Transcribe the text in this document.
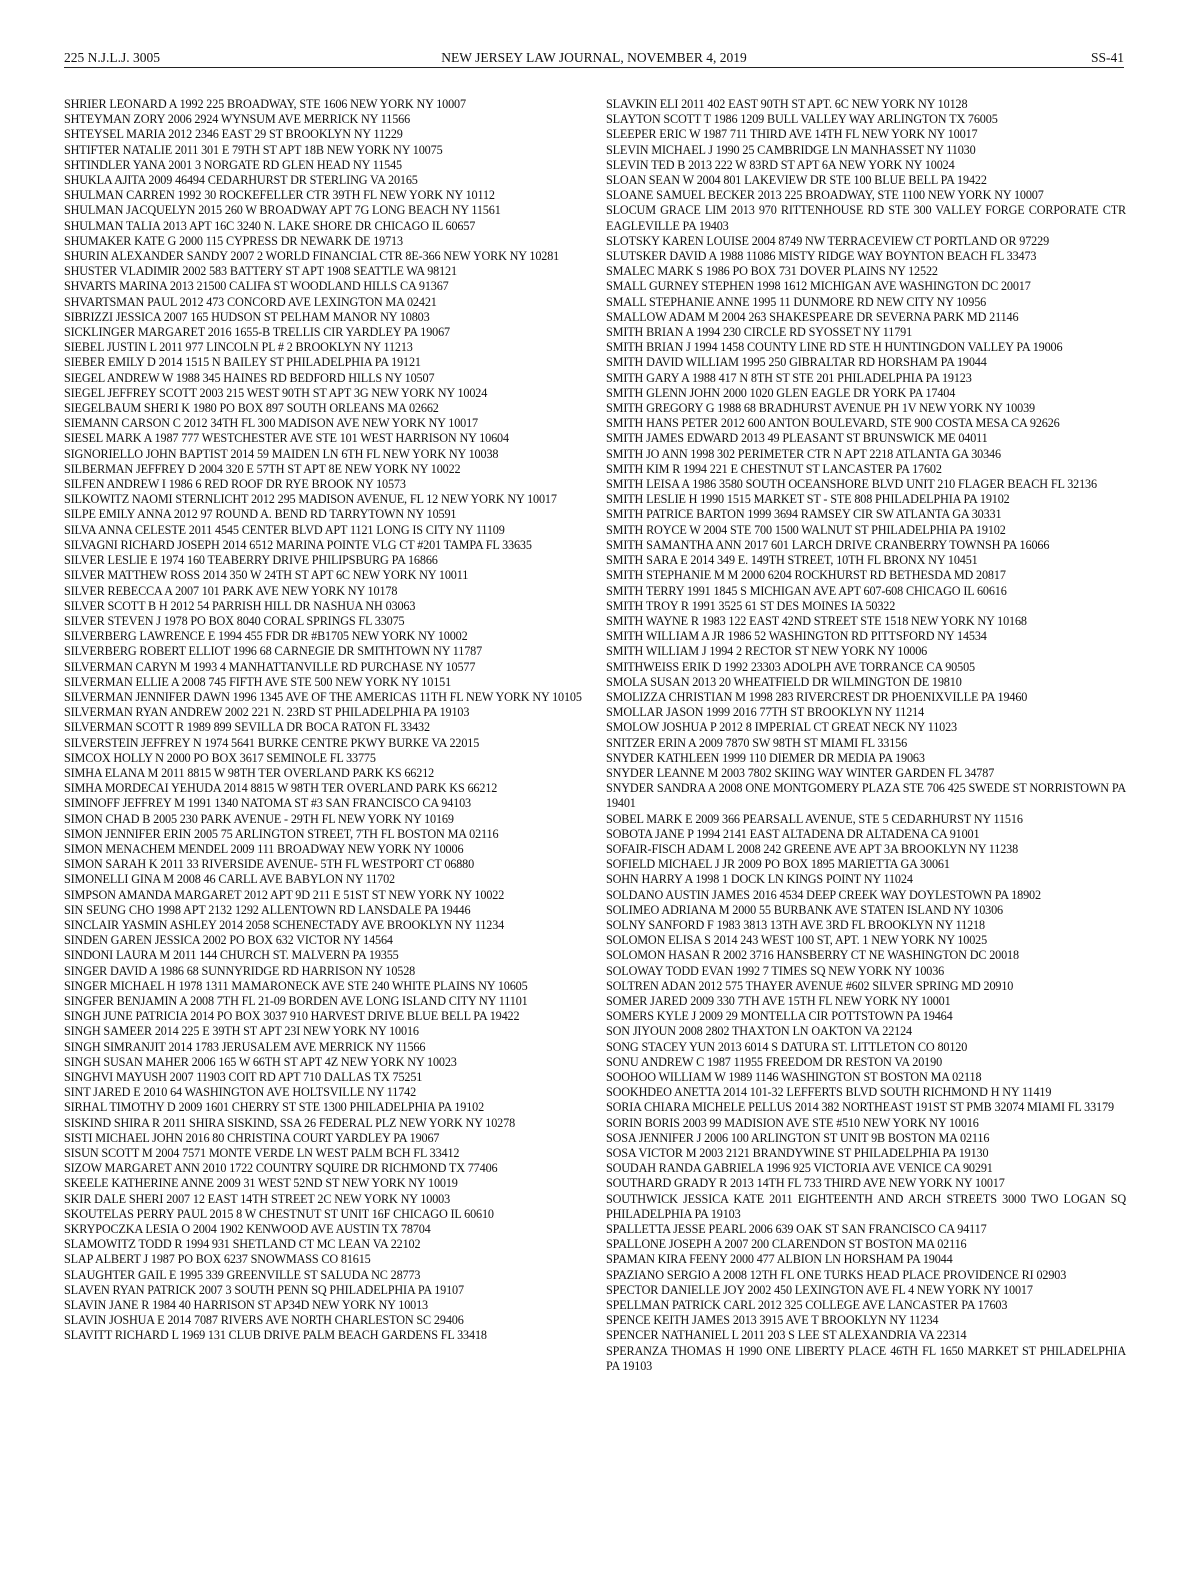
225 N.J.L.J. 3005	NEW JERSEY LAW JOURNAL, NOVEMBER 4, 2019	SS-41

SHRIER LEONARD A 1992 225 BROADWAY, STE 1606 NEW YORK NY 10007

SHTEYMAN ZORY 2006 2924 WYNSUM AVE MERRICK NY 11566

SHTEYSEL MARIA 2012 2346 EAST 29 ST BROOKLYN NY 11229

SHTIFTER NATALIE 2011 301 E 79TH ST APT 18B NEW YORK NY 10075

SHTINDLER YANA 2001 3 NORGATE RD GLEN HEAD NY 11545

SHUKLA AJITA 2009 46494 CEDARHURST DR STERLING VA 20165

SHULMAN CARREN 1992 30 ROCKEFELLER CTR 39TH FL NEW YORK NY 10112

SHULMAN JACQUELYN 2015 260 W BROADWAY APT 7G LONG BEACH NY 11561

SHULMAN TALIA 2013 APT 16C 3240 N. LAKE SHORE DR CHICAGO IL 60657

SHUMAKER KATE G 2000 115 CYPRESS DR NEWARK DE 19713

SHURIN ALEXANDER SANDY 2007 2 WORLD FINANCIAL CTR 8E-366 NEW YORK NY 10281

SHUSTER VLADIMIR 2002 583 BATTERY ST APT 1908 SEATTLE WA 98121

SHVARTS MARINA 2013 21500 CALIFA ST WOODLAND HILLS CA 91367

SHVARTSMAN PAUL 2012 473 CONCORD AVE LEXINGTON MA 02421

SIBRIZZI JESSICA 2007 165 HUDSON ST PELHAM MANOR NY 10803

SICKLINGER MARGARET 2016 1655-B TRELLIS CIR YARDLEY PA 19067

SIEBEL JUSTIN L 2011 977 LINCOLN PL # 2 BROOKLYN NY 11213

SIEBER EMILY D 2014 1515 N BAILEY ST PHILADELPHIA PA 19121

SIEGEL ANDREW W 1988 345 HAINES RD BEDFORD HILLS NY 10507

SIEGEL JEFFREY SCOTT 2003 215 WEST 90TH ST APT 3G NEW YORK NY 10024

SIEGELBAUM SHERI K 1980 PO BOX 897 SOUTH ORLEANS MA 02662

SIEMANN CARSON C 2012 34TH FL 300 MADISON AVE NEW YORK NY 10017

SIESEL MARK A 1987 777 WESTCHESTER AVE STE 101 WEST HARRISON NY 10604

SIGNORIELLO JOHN BAPTIST 2014 59 MAIDEN LN 6TH FL NEW YORK NY 10038

SILBERMAN JEFFREY D 2004 320 E 57TH ST APT 8E NEW YORK NY 10022

SILFEN ANDREW I 1986 6 RED ROOF DR RYE BROOK NY 10573

SILKOWITZ NAOMI STERNLICHT 2012 295 MADISON AVENUE, FL 12 NEW YORK NY 10017

SILPE EMILY ANNA 2012 97 ROUND A. BEND RD TARRYTOWN NY 10591

SILVA ANNA CELESTE 2011 4545 CENTER BLVD APT 1121 LONG IS CITY NY 11109

SILVAGNI RICHARD JOSEPH 2014 6512 MARINA POINTE VLG CT #201 TAMPA FL 33635

SILVER LESLIE E 1974 160 TEABERRY DRIVE PHILIPSBURG PA 16866

SILVER MATTHEW ROSS 2014 350 W 24TH ST APT 6C NEW YORK NY 10011

SILVER REBECCA A 2007 101 PARK AVE NEW YORK NY 10178

SILVER SCOTT B H 2012 54 PARRISH HILL DR NASHUA NH 03063

SILVER STEVEN J 1978 PO BOX 8040 CORAL SPRINGS FL 33075

SILVERBERG LAWRENCE E 1994 455 FDR DR #B1705 NEW YORK NY 10002

SILVERBERG ROBERT ELLIOT 1996 68 CARNEGIE DR SMITHTOWN NY 11787

SILVERMAN CARYN M 1993 4 MANHATTANVILLE RD PURCHASE NY 10577

SILVERMAN ELLIE A 2008 745 FIFTH AVE STE 500 NEW YORK NY 10151

SILVERMAN JENNIFER DAWN 1996 1345 AVE OF THE AMERICAS 11TH FL NEW YORK NY 10105

SILVERMAN RYAN ANDREW 2002 221 N. 23RD ST PHILADELPHIA PA 19103

SILVERMAN SCOTT R 1989 899 SEVILLA DR BOCA RATON FL 33432

SILVERSTEIN JEFFREY N 1974 5641 BURKE CENTRE PKWY BURKE VA 22015

SIMCOX HOLLY N 2000 PO BOX 3617 SEMINOLE FL 33775

SIMHA ELANA M 2011 8815 W 98TH TER OVERLAND PARK KS 66212

SIMHA MORDECAI YEHUDA 2014 8815 W 98TH TER OVERLAND PARK KS 66212

SIMINOFF JEFFREY M 1991 1340 NATOMA ST #3 SAN FRANCISCO CA 94103

SIMON CHAD B 2005 230 PARK AVENUE - 29TH FL NEW YORK NY 10169

SIMON JENNIFER ERIN 2005 75 ARLINGTON STREET, 7TH FL BOSTON MA 02116

SIMON MENACHEM MENDEL 2009 111 BROADWAY NEW YORK NY 10006

SIMON SARAH K 2011 33 RIVERSIDE AVENUE- 5TH FL WESTPORT CT 06880

SIMONELLI GINA M 2008 46 CARLL AVE BABYLON NY 11702

SIMPSON AMANDA MARGARET 2012 APT 9D 211 E 51ST ST NEW YORK NY 10022

SIN SEUNG CHO 1998 APT 2132 1292 ALLENTOWN RD LANSDALE PA 19446

SINCLAIR YASMIN ASHLEY 2014 2058 SCHENECTADY AVE BROOKLYN NY 11234

SINDEN GAREN JESSICA 2002 PO BOX 632 VICTOR NY 14564

SINDONI LAURA M 2011 144 CHURCH ST. MALVERN PA 19355

SINGER DAVID A 1986 68 SUNNYRIDGE RD HARRISON NY 10528

SINGER MICHAEL H 1978 1311 MAMARONECK AVE STE 240 WHITE PLAINS NY 10605

SINGFER BENJAMIN A 2008 7TH FL 21-09 BORDEN AVE LONG ISLAND CITY NY 11101

SINGH JUNE PATRICIA 2014 PO BOX 3037 910 HARVEST DRIVE BLUE BELL PA 19422

SINGH SAMEER 2014 225 E 39TH ST APT 23I NEW YORK NY 10016

SINGH SIMRANJIT 2014 1783 JERUSALEM AVE MERRICK NY 11566

SINGH SUSAN MAHER 2006 165 W 66TH ST APT 4Z NEW YORK NY 10023

SINGHVI MAYUSH 2007 11903 COIT RD APT 710 DALLAS TX 75251

SINT JARED E 2010 64 WASHINGTON AVE HOLTSVILLE NY 11742

SIRHAL TIMOTHY D 2009 1601 CHERRY ST STE 1300 PHILADELPHIA PA 19102

SISKIND SHIRA R 2011 SHIRA SISKIND, SSA 26 FEDERAL PLZ NEW YORK NY 10278

SISTI MICHAEL JOHN 2016 80 CHRISTINA COURT YARDLEY PA 19067

SISUN SCOTT M 2004 7571 MONTE VERDE LN WEST PALM BCH FL 33412

SIZOW MARGARET ANN 2010 1722 COUNTRY SQUIRE DR RICHMOND TX 77406

SKEELE KATHERINE ANNE 2009 31 WEST 52ND ST NEW YORK NY 10019

SKIR DALE SHERI 2007 12 EAST 14TH STREET 2C NEW YORK NY 10003

SKOUTELAS PERRY PAUL 2015 8 W CHESTNUT ST UNIT 16F CHICAGO IL 60610

SKRYPOCZKA LESIA O 2004 1902 KENWOOD AVE AUSTIN TX 78704

SLAMOWITZ TODD R 1994 931 SHETLAND CT MC LEAN VA 22102

SLAP ALBERT J 1987 PO BOX 6237 SNOWMASS CO 81615

SLAUGHTER GAIL E 1995 339 GREENVILLE ST SALUDA NC 28773

SLAVEN RYAN PATRICK 2007 3 SOUTH PENN SQ PHILADELPHIA PA 19107

SLAVIN JANE R 1984 40 HARRISON ST AP34D NEW YORK NY 10013

SLAVIN JOSHUA E 2014 7087 RIVERS AVE NORTH CHARLESTON SC 29406

SLAVITT RICHARD L 1969 131 CLUB DRIVE PALM BEACH GARDENS FL 33418

SLAVKIN ELI 2011 402 EAST 90TH ST APT. 6C NEW YORK NY 10128

SLAYTON SCOTT T 1986 1209 BULL VALLEY WAY ARLINGTON TX 76005

SLEEPER ERIC W 1987 711 THIRD AVE 14TH FL NEW YORK NY 10017

SLEVIN MICHAEL J 1990 25 CAMBRIDGE LN MANHASSET NY 11030

SLEVIN TED B 2013 222 W 83RD ST APT 6A NEW YORK NY 10024

SLOAN SEAN W 2004 801 LAKEVIEW DR STE 100 BLUE BELL PA 19422

SLOANE SAMUEL BECKER 2013 225 BROADWAY, STE 1100 NEW YORK NY 10007

SLOCUM GRACE LIM 2013 970 RITTENHOUSE RD STE 300 VALLEY FORGE CORPORATE CTR EAGLEVILLE PA 19403

SLOTSKY KAREN LOUISE 2004 8749 NW TERRACEVIEW CT PORTLAND OR 97229

SLUTSKER DAVID A 1988 11086 MISTY RIDGE WAY BOYNTON BEACH FL 33473

SMALEC MARK S 1986 PO BOX 731 DOVER PLAINS NY 12522

SMALL GURNEY STEPHEN 1998 1612 MICHIGAN AVE WASHINGTON DC 20017

SMALL STEPHANIE ANNE 1995 11 DUNMORE RD NEW CITY NY 10956

SMALLOW ADAM M 2004 263 SHAKESPEARE DR SEVERNA PARK MD 21146

SMITH BRIAN A 1994 230 CIRCLE RD SYOSSET NY 11791

SMITH BRIAN J 1994 1458 COUNTY LINE RD STE H HUNTINGDON VALLEY PA 19006

SMITH DAVID WILLIAM 1995 250 GIBRALTAR RD HORSHAM PA 19044

SMITH GARY A 1988 417 N 8TH ST STE 201 PHILADELPHIA PA 19123

SMITH GLENN JOHN 2000 1020 GLEN EAGLE DR YORK PA 17404

SMITH GREGORY G 1988 68 BRADHURST AVENUE PH 1V NEW YORK NY 10039

SMITH HANS PETER 2012 600 ANTON BOULEVARD, STE 900 COSTA MESA CA 92626

SMITH JAMES EDWARD 2013 49 PLEASANT ST BRUNSWICK ME 04011

SMITH JO ANN 1998 302 PERIMETER CTR N APT 2218 ATLANTA GA 30346

SMITH KIM R 1994 221 E CHESTNUT ST LANCASTER PA 17602

SMITH LEISA A 1986 3580 SOUTH OCEANSHORE BLVD UNIT 210 FLAGER BEACH FL 32136

SMITH LESLIE H 1990 1515 MARKET ST - STE 808 PHILADELPHIA PA 19102

SMITH PATRICE BARTON 1999 3694 RAMSEY CIR SW ATLANTA GA 30331

SMITH ROYCE W 2004 STE 700 1500 WALNUT ST PHILADELPHIA PA 19102

SMITH SAMANTHA ANN 2017 601 LARCH DRIVE CRANBERRY TOWNSH PA 16066

SMITH SARA E 2014 349 E. 149TH STREET, 10TH FL BRONX NY 10451

SMITH STEPHANIE M M 2000 6204 ROCKHURST RD BETHESDA MD 20817

SMITH TERRY 1991 1845 S MICHIGAN AVE APT 607-608 CHICAGO IL 60616

SMITH TROY R 1991 3525 61 ST DES MOINES IA 50322

SMITH WAYNE R 1983 122 EAST 42ND STREET STE 1518 NEW YORK NY 10168

SMITH WILLIAM A JR 1986 52 WASHINGTON RD PITTSFORD NY 14534

SMITH WILLIAM J 1994 2 RECTOR ST NEW YORK NY 10006

SMITHWEISS ERIK D 1992 23303 ADOLPH AVE TORRANCE CA 90505

SMOLA SUSAN 2013 20 WHEATFIELD DR WILMINGTON DE 19810

SMOLIZZA CHRISTIAN M 1998 283 RIVERCREST DR PHOENIXVILLE PA 19460

SMOLLAR JASON 1999 2016 77TH ST BROOKLYN NY 11214

SMOLOW JOSHUA P 2012 8 IMPERIAL CT GREAT NECK NY 11023

SNITZER ERIN A 2009 7870 SW 98TH ST MIAMI FL 33156

SNYDER KATHLEEN 1999 110 DIEMER DR MEDIA PA 19063

SNYDER LEANNE M 2003 7802 SKIING WAY WINTER GARDEN FL 34787

SNYDER SANDRA A 2008 ONE MONTGOMERY PLAZA STE 706 425 SWEDE ST NORRISTOWN PA 19401

SOBEL MARK E 2009 366 PEARSALL AVENUE, STE 5 CEDARHURST NY 11516

SOBOTA JANE P 1994 2141 EAST ALTADENA DR ALTADENA CA 91001

SOFAIR-FISCH ADAM L 2008 242 GREENE AVE APT 3A BROOKLYN NY 11238

SOFIELD MICHAEL J JR 2009 PO BOX 1895 MARIETTA GA 30061

SOHN HARRY A 1998 1 DOCK LN KINGS POINT NY 11024

SOLDANO AUSTIN JAMES 2016 4534 DEEP CREEK WAY DOYLESTOWN PA 18902

SOLIMEO ADRIANA M 2000 55 BURBANK AVE STATEN ISLAND NY 10306

SOLNY SANFORD F 1983 3813 13TH AVE 3RD FL BROOKLYN NY 11218

SOLOMON ELISA S 2014 243 WEST 100 ST, APT. 1 NEW YORK NY 10025

SOLOMON HASAN R 2002 3716 HANSBERRY CT NE WASHINGTON DC 20018

SOLOWAY TODD EVAN 1992 7 TIMES SQ NEW YORK NY 10036

SOLTREN ADAN 2012 575 THAYER AVENUE #602 SILVER SPRING MD 20910

SOMER JARED 2009 330 7TH AVE 15TH FL NEW YORK NY 10001

SOMERS KYLE J 2009 29 MONTELLA CIR POTTSTOWN PA 19464

SON JIYOUN 2008 2802 THAXTON LN OAKTON VA 22124

SONG STACEY YUN 2013 6014 S DATURA ST. LITTLETON CO 80120

SONU ANDREW C 1987 11955 FREEDOM DR RESTON VA 20190

SOOHOO WILLIAM W 1989 1146 WASHINGTON ST BOSTON MA 02118

SOOKHDEO ANETTA 2014 101-32 LEFFERTS BLVD SOUTH RICHMOND H NY 11419

SORIA CHIARA MICHELE PELLUS 2014 382 NORTHEAST 191ST ST PMB 32074 MIAMI FL 33179

SORIN BORIS 2003 99 MADISION AVE STE #510 NEW YORK NY 10016

SOSA JENNIFER J 2006 100 ARLINGTON ST UNIT 9B BOSTON MA 02116

SOSA VICTOR M 2003 2121 BRANDYWINE ST PHILADELPHIA PA 19130

SOUDAH RANDA GABRIELA 1996 925 VICTORIA AVE VENICE CA 90291

SOUTHARD GRADY R 2013 14TH FL 733 THIRD AVE NEW YORK NY 10017

SOUTHWICK JESSICA KATE 2011 EIGHTEENTH AND ARCH STREETS 3000 TWO LOGAN SQ PHILADELPHIA PA 19103

SPALLETTA JESSE PEARL 2006 639 OAK ST SAN FRANCISCO CA 94117

SPALLONE JOSEPH A 2007 200 CLARENDON ST BOSTON MA 02116

SPAMAN KIRA FEENY 2000 477 ALBION LN HORSHAM PA 19044

SPAZIANO SERGIO A 2008 12TH FL ONE TURKS HEAD PLACE PROVIDENCE RI 02903

SPECTOR DANIELLE JOY 2002 450 LEXINGTON AVE FL 4 NEW YORK NY 10017

SPELLMAN PATRICK CARL 2012 325 COLLEGE AVE LANCASTER PA 17603

SPENCE KEITH JAMES 2013 3915 AVE T BROOKLYN NY 11234

SPENCER NATHANIEL L 2011 203 S LEE ST ALEXANDRIA VA 22314

SPERANZA THOMAS H 1990 ONE LIBERTY PLACE 46TH FL 1650 MARKET ST PHILADELPHIA PA 19103
